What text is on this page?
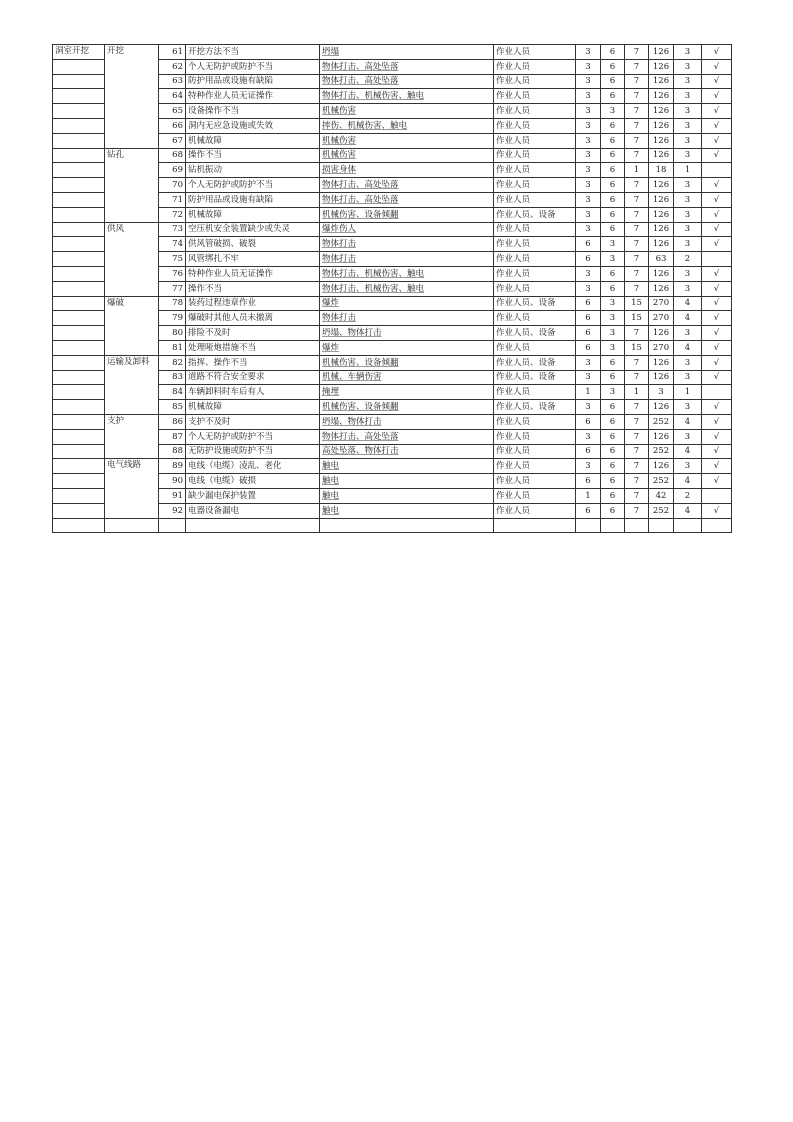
洞室开挖	开挖	61	开挖方法不当	坍塌	作业人员	3	6	7	126	3	√
		62	个人无防护或防护不当	物体打击、高处坠落	作业人员	3	6	7	126	3	√
		63	防护用品或设施有缺陷	物体打击、高处坠落	作业人员	3	6	7	126	3	√
		64	特种作业人员无证操作	物体打击、机械伤害、触电	作业人员	3	6	7	126	3	√
		65	设备操作不当	机械伤害	作业人员	3	3	7	126	3	√
		66	洞内无应急设施或失效	摔伤、机械伤害、触电	作业人员	3	6	7	126	3	√
		67	机械故障	机械伤害	作业人员	3	6	7	126	3	√
	钻孔	68	操作不当	机械伤害	作业人员	3	6	7	126	3	√
		69	钻机振动	损害身体	作业人员	3	6	1	18	1	
		70	个人无防护或防护不当	物体打击、高处坠落	作业人员	3	6	7	126	3	√
		71	防护用品或设施有缺陷	物体打击、高处坠落	作业人员	3	6	7	126	3	√
		72	机械故障	机械伤害、设备倾翻	作业人员、设备	3	6	7	126	3	√
	供风	73	空压机安全装置缺少或失灵	爆炸伤人	作业人员	3	6	7	126	3	√
		74	供风管破损、破裂	物体打击	作业人员	6	3	7	126	3	√
		75	风管绑扎不牢	物体打击	作业人员	6	3	7	63	2	
		76	特种作业人员无证操作	物体打击、机械伤害、触电	作业人员	3	6	7	126	3	√
		77	操作不当	物体打击、机械伤害、触电	作业人员	3	6	7	126	3	√
	爆破	78	装药过程违章作业	爆炸	作业人员、设备	6	3	15	270	4	√
		79	爆破时其他人员未撤离	物体打击	作业人员	6	3	15	270	4	√
		80	排险不及时	坍塌、物体打击	作业人员、设备	6	3	7	126	3	√
		81	处理哑炮措施不当	爆炸	作业人员	6	3	15	270	4	√
	运输及卸料	82	指挥、操作不当	机械伤害、设备倾翻	作业人员、设备	3	6	7	126	3	√
		83	道路不符合安全要求	机械、车辆伤害	作业人员、设备	3	6	7	126	3	√
		84	车辆卸料时车后有人	掩埋	作业人员	1	3	1	3	1	
		85	机械故障	机械伤害、设备倾翻	作业人员、设备	3	6	7	126	3	√
	支护	86	支护不及时	坍塌、物体打击	作业人员	6	6	7	252	4	√
		87	个人无防护或防护不当	物体打击、高处坠落	作业人员	3	6	7	126	3	√
		88	无防护设施或防护不当	高处坠落、物体打击	作业人员	6	6	7	252	4	√
	电气线路	89	电线（电缆）凌乱、老化	触电	作业人员	3	6	7	126	3	√
		90	电线（电缆）破损	触电	作业人员	6	6	7	252	4	√
		91	缺少漏电保护装置	触电	作业人员	1	6	7	42	2	
		92	电器设备漏电	触电	作业人员	6	6	7	252	4	√
